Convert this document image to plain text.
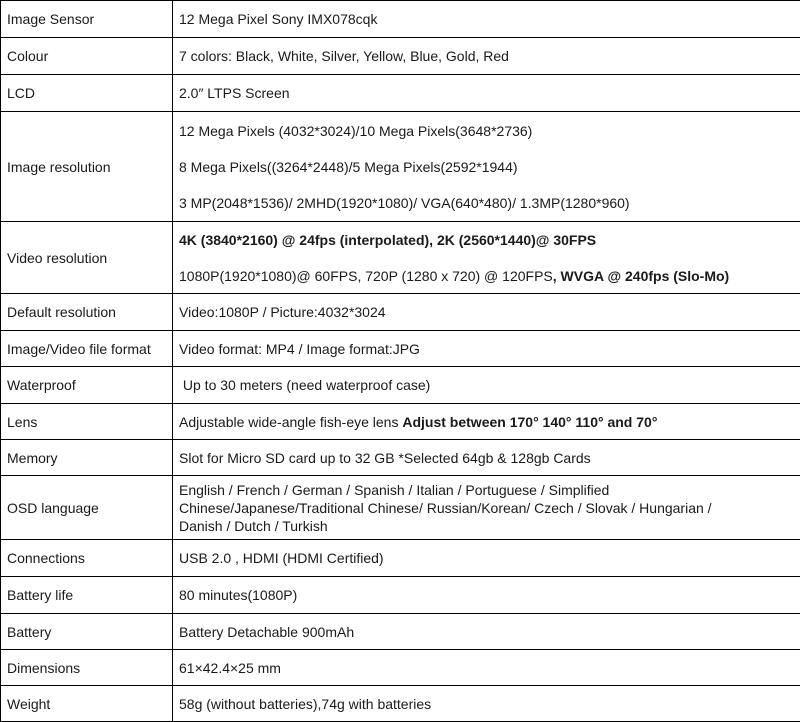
Image Sensor	12 Mega Pixel Sony IMX078cqk
Colour	7 colors: Black, White, Silver, Yellow, Blue, Gold, Red
LCD	2.0″ LTPS Screen
Image resolution	12 Mega Pixels (4032*3024)/10 Mega Pixels(3648*2736)
8 Mega Pixels((3264*2448)/5 Mega Pixels(2592*1944)
3 MP(2048*1536)/ 2MHD(1920*1080)/ VGA(640*480)/ 1.3MP(1280*960)

Video resolution	4K (3840*2160) @ 24fps (interpolated), 2K (2560*1440)@ 30FPS
1080P(1920*1080)@ 60FPS, 720P (1280 x 720) @ 120FPS, WVGA @ 240fps (Slo-Mo)

Default resolution	Video:1080P / Picture:4032*3024
Image/Video file format	Video format: MP4 / Image format:JPG
Waterproof	Up to 30 meters (need waterproof case)
Lens	Adjustable wide-angle fish-eye lens Adjust between 170° 140° 110° and 70°
Memory	Slot for Micro SD card up to 32 GB *Selected 64gb & 128gb Cards
OSD language	English / French / German / Spanish / Italian / Portuguese / Simplified
Chinese/Japanese/Traditional Chinese/ Russian/Korean/ Czech / Slovak / Hungarian /
Danish / Dutch / Turkish

Connections	USB 2.0 , HDMI (HDMI Certified)
Battery life	80 minutes(1080P)
Battery	Battery Detachable 900mAh
Dimensions	61×42.4×25 mm
Weight	58g (without batteries),74g with batteries
